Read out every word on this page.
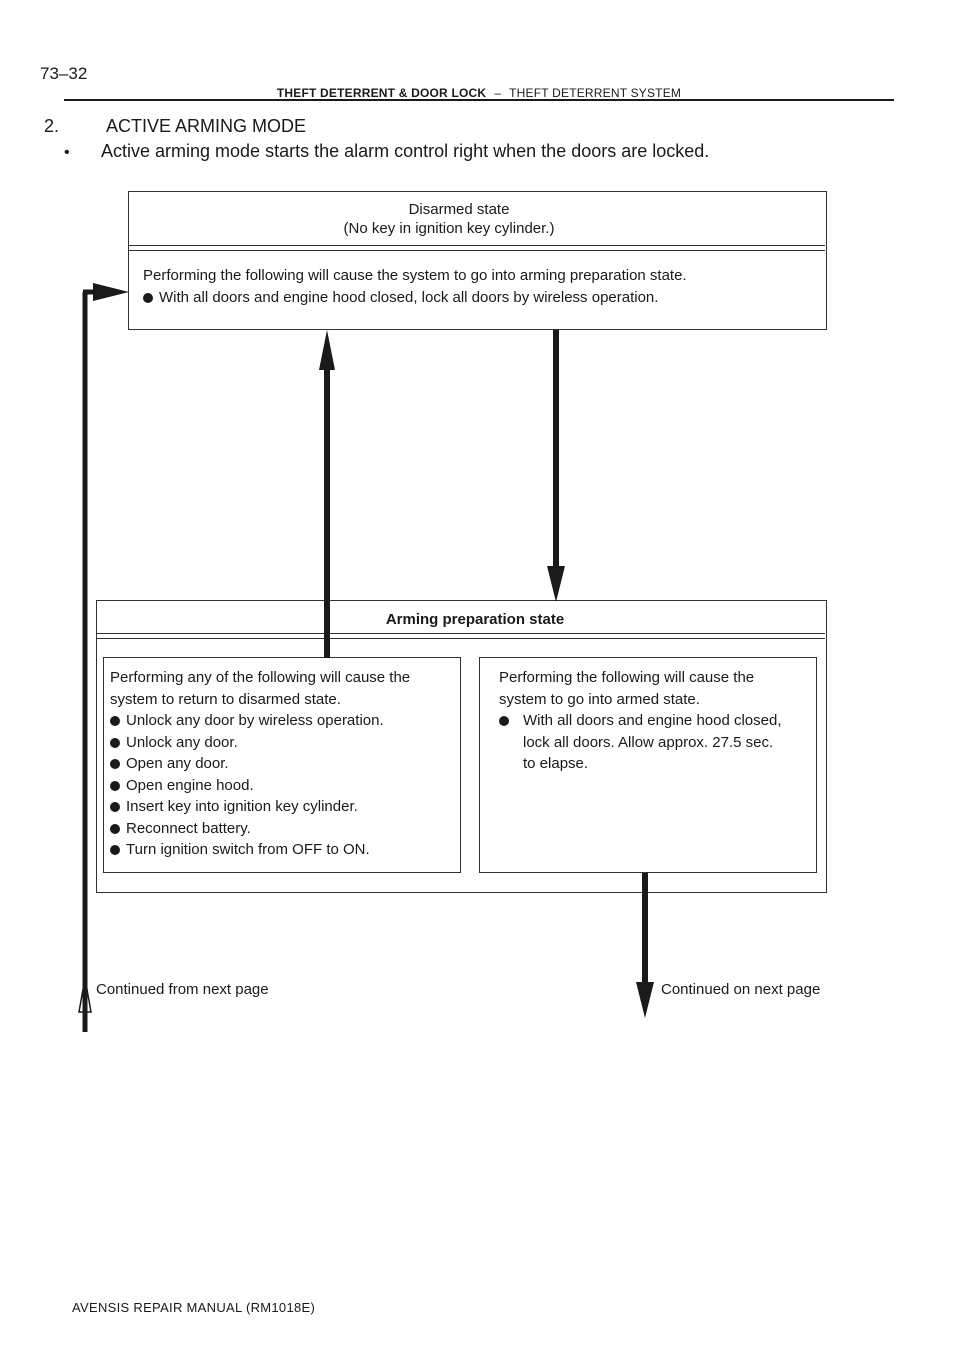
73–32
THEFT DETERRENT & DOOR LOCK – THEFT DETERRENT SYSTEM
2.	ACTIVE ARMING MODE
• Active arming mode starts the alarm control right when the doors are locked.
Disarmed state
(No key in ignition key cylinder.)
Performing the following will cause the system to go into arming preparation state.
With all doors and engine hood closed, lock all doors by wireless operation.
Arming preparation state
Performing any of the following will cause the
system to return to disarmed state.
Unlock any door by wireless operation.
Unlock any door.
Open any door.
Open engine hood.
Insert key into ignition key cylinder.
Reconnect battery.
Turn ignition switch from OFF to ON.
Performing the following will cause the
system to go into armed state.
With all doors and engine hood closed,
lock all doors. Allow approx. 27.5 sec.
to elapse.
Continued from next page	Continued on next page
AVENSIS REPAIR MANUAL (RM1018E)
